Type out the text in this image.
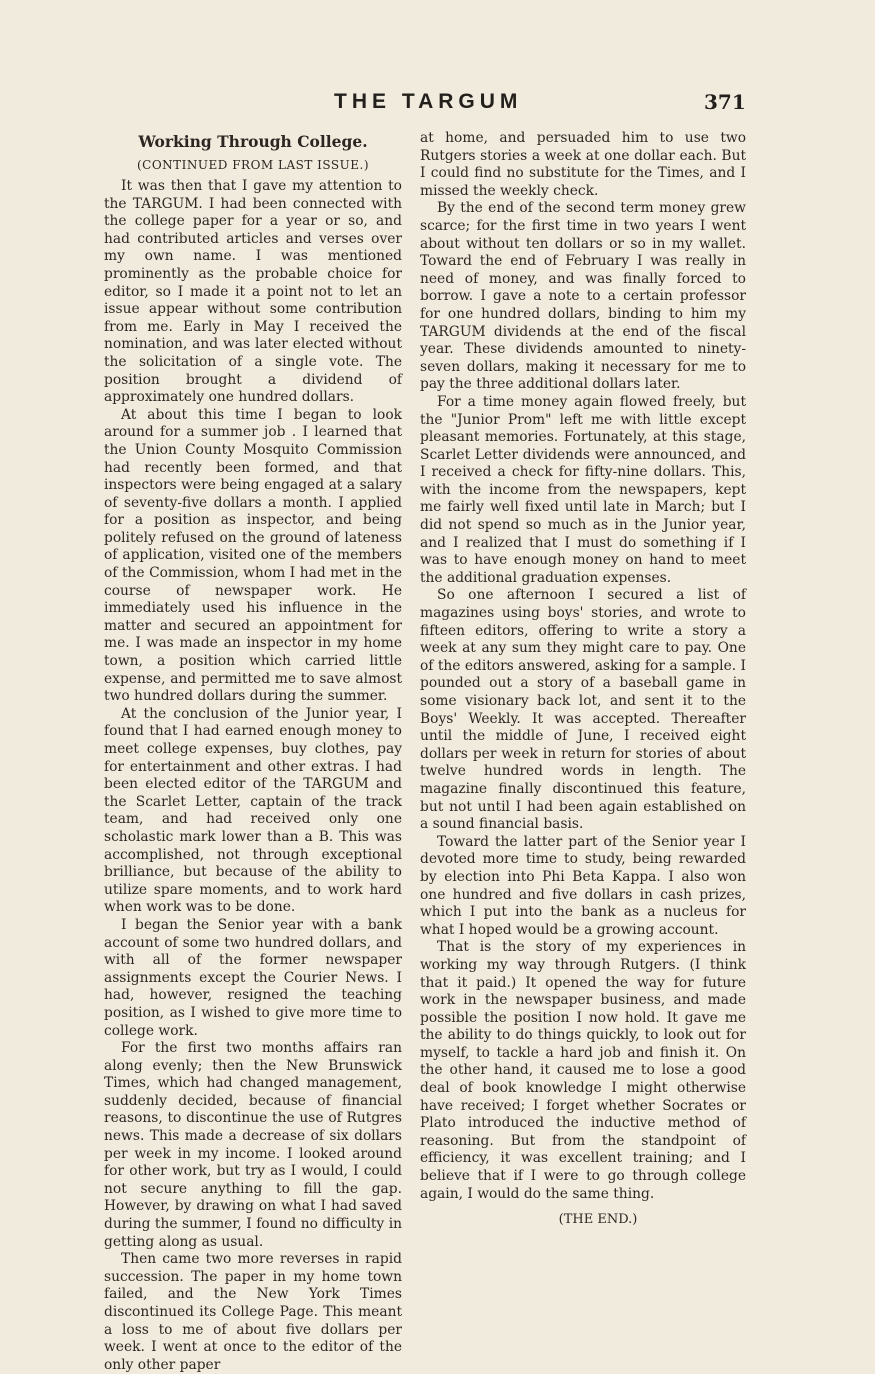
THE TARGUM	371
Working Through College.
(CONTINUED FROM LAST ISSUE.)

It was then that I gave my attention to the TARGUM. I had been connected with the college paper for a year or so, and had contributed articles and verses over my own name. I was mentioned prominently as the probable choice for editor, so I made it a point not to let an issue appear without some contribution from me. Early in May I received the nomination, and was later elected without the solicitation of a single vote. The position brought a dividend of approximately one hundred dollars.

At about this time I began to look around for a summer job . I learned that the Union County Mosquito Commission had recently been formed, and that inspectors were being engaged at a salary of seventy-five dollars a month. I applied for a position as inspector, and being politely refused on the ground of lateness of application, visited one of the members of the Commission, whom I had met in the course of newspaper work. He immediately used his influence in the matter and secured an appointment for me. I was made an inspector in my home town, a position which carried little expense, and permitted me to save almost two hundred dollars during the summer.

At the conclusion of the Junior year, I found that I had earned enough money to meet college expenses, buy clothes, pay for entertainment and other extras. I had been elected editor of the TARGUM and the Scarlet Letter, captain of the track team, and had received only one scholastic mark lower than a B. This was accomplished, not through exceptional brilliance, but because of the ability to utilize spare moments, and to work hard when work was to be done.

I began the Senior year with a bank account of some two hundred dollars, and with all of the former newspaper assignments except the Courier News. I had, however, resigned the teaching position, as I wished to give more time to college work.

For the first two months affairs ran along evenly; then the New Brunswick Times, which had changed management, suddenly decided, because of financial reasons, to discontinue the use of Rutgres news. This made a decrease of six dollars per week in my income. I looked around for other work, but try as I would, I could not secure anything to fill the gap. However, by drawing on what I had saved during the summer, I found no difficulty in getting along as usual.

Then came two more reverses in rapid succession. The paper in my home town failed, and the New York Times discontinued its College Page. This meant a loss to me of about five dollars per week. I went at once to the editor of the only other paper

at home, and persuaded him to use two Rutgers stories a week at one dollar each. But I could find no substitute for the Times, and I missed the weekly check.

By the end of the second term money grew scarce; for the first time in two years I went about without ten dollars or so in my wallet. Toward the end of February I was really in need of money, and was finally forced to borrow. I gave a note to a certain professor for one hundred dollars, binding to him my TARGUM dividends at the end of the fiscal year. These dividends amounted to ninety-seven dollars, making it necessary for me to pay the three additional dollars later.

For a time money again flowed freely, but the "Junior Prom" left me with little except pleasant memories. Fortunately, at this stage, Scarlet Letter dividends were announced, and I received a check for fifty-nine dollars. This, with the income from the newspapers, kept me fairly well fixed until late in March; but I did not spend so much as in the Junior year, and I realized that I must do something if I was to have enough money on hand to meet the additional graduation expenses.

So one afternoon I secured a list of magazines using boys' stories, and wrote to fifteen editors, offering to write a story a week at any sum they might care to pay. One of the editors answered, asking for a sample. I pounded out a story of a baseball game in some visionary back lot, and sent it to the Boys' Weekly. It was accepted. Thereafter until the middle of June, I received eight dollars per week in return for stories of about twelve hundred words in length. The magazine finally discontinued this feature, but not until I had been again established on a sound financial basis.

Toward the latter part of the Senior year I devoted more time to study, being rewarded by election into Phi Beta Kappa. I also won one hundred and five dollars in cash prizes, which I put into the bank as a nucleus for what I hoped would be a growing account.

That is the story of my experiences in working my way through Rutgers. (I think that it paid.) It opened the way for future work in the newspaper business, and made possible the position I now hold. It gave me the ability to do things quickly, to look out for myself, to tackle a hard job and finish it. On the other hand, it caused me to lose a good deal of book knowledge I might otherwise have received; I forget whether Socrates or Plato introduced the inductive method of reasoning. But from the standpoint of efficiency, it was excellent training; and I believe that if I were to go through college again, I would do the same thing.

(THE END.)
